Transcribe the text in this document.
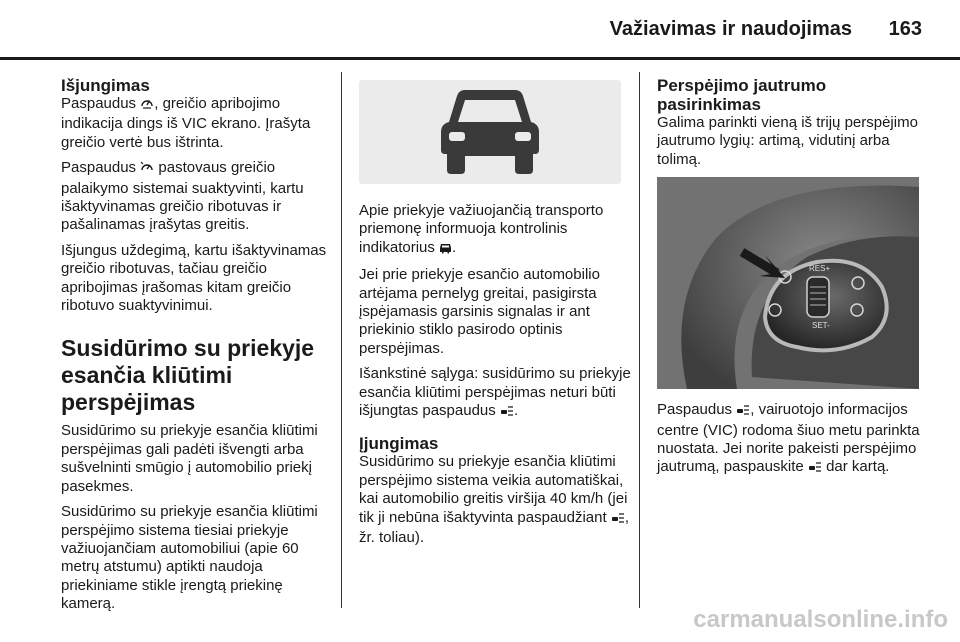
Važiavimas ir naudojimas 163
Išjungimas

Paspaudus , greičio apribojimo indikacija dings iš VIC ekrano. Įrašyta greičio vertė bus ištrinta.

Paspaudus  pastovaus greičio palaikymo sistemai suaktyvinti, kartu išaktyvinamas greičio ribotuvas ir pašalinamas įrašytas greitis.

Išjungus uždegimą, kartu išaktyvinamas greičio ribotuvas, tačiau greičio apribojimas įrašomas kitam greičio ribotuvo suaktyvinimui.

Susidūrimo su priekyje esančia kliūtimi perspėjimas

Susidūrimo su priekyje esančia kliūtimi perspėjimas gali padėti išvengti arba sušvelninti smūgio į automobilio priekį pasekmes.

Susidūrimo su priekyje esančia kliūtimi perspėjimo sistema tiesiai priekyje važiuojančiam automobiliui (apie 60 metrų atstumu) aptikti naudoja priekiniame stikle įrengtą priekinę kamerą.

Apie priekyje važiuojančią transporto priemonę informuoja kontrolinis indikatorius .

Jei prie priekyje esančio automobilio artėjama pernelyg greitai, pasigirsta įspėjamasis garsinis signalas ir ant priekinio stiklo pasirodo optinis perspėjimas.

Išankstinė sąlyga: susidūrimo su priekyje esančia kliūtimi perspėjimas neturi būti išjungtas paspaudus .

Įjungimas

Susidūrimo su priekyje esančia kliūtimi perspėjimo sistema veikia automatiškai, kai automobilio greitis viršija 40 km/h (jei tik ji nebūna išaktyvinta paspaudžiant , žr. toliau).

Perspėjimo jautrumo pasirinkimas

Galima parinkti vieną iš trijų perspėjimo jautrumo lygių: artimą, vidutinį arba tolimą.

RES+
SET-

Paspaudus , vairuotojo informacijos centre (VIC) rodoma šiuo metu parinkta nuostata. Jei norite pakeisti perspėjimo jautrumą, paspauskite  dar kartą.

carmanualsonline.info
